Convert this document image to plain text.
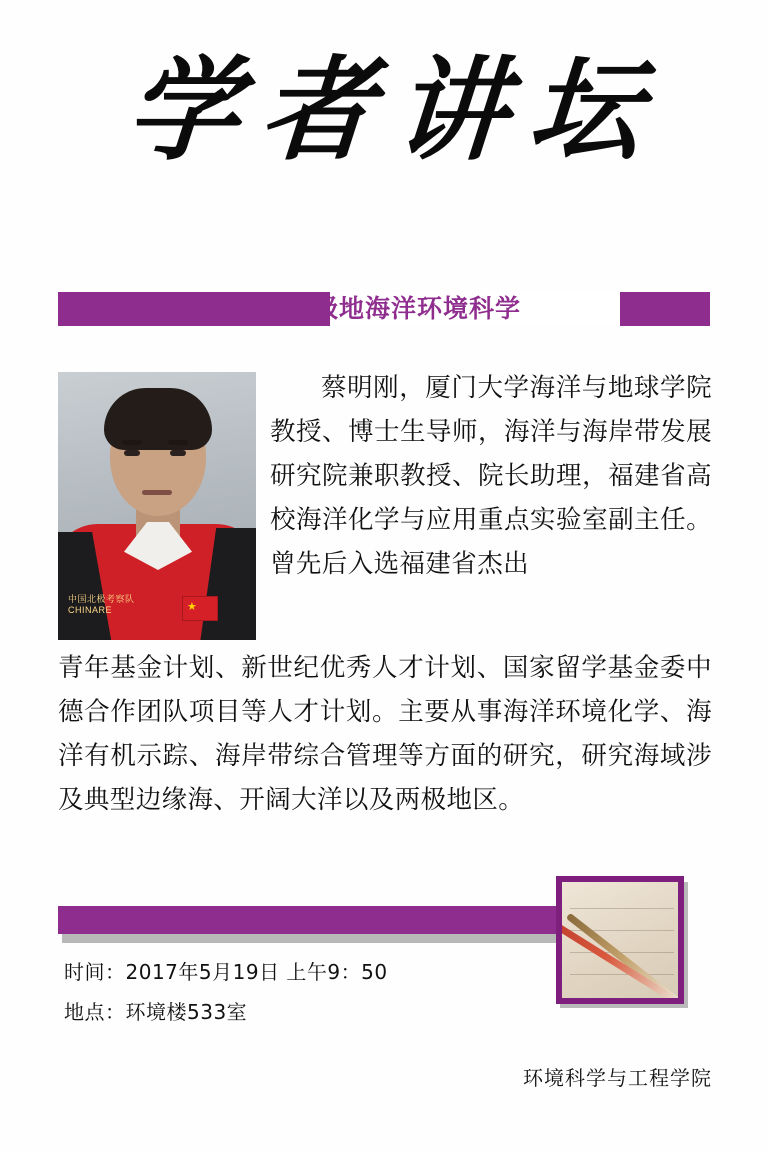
学者讲坛
极地海洋环境科学
★
中国北极考察队
CHINARE
蔡明刚，厦门大学海洋与地球学院教授、博士生导师，海洋与海岸带发展研究院兼职教授、院长助理，福建省高校海洋化学与应用重点实验室副主任。曾先后入选福建省杰出
青年基金计划、新世纪优秀人才计划、国家留学基金委中德合作团队项目等人才计划。主要从事海洋环境化学、海洋有机示踪、海岸带综合管理等方面的研究，研究海域涉及典型边缘海、开阔大洋以及两极地区。
时间：2017年5月19日 上午9：50
地点：环境楼533室
环境科学与工程学院
